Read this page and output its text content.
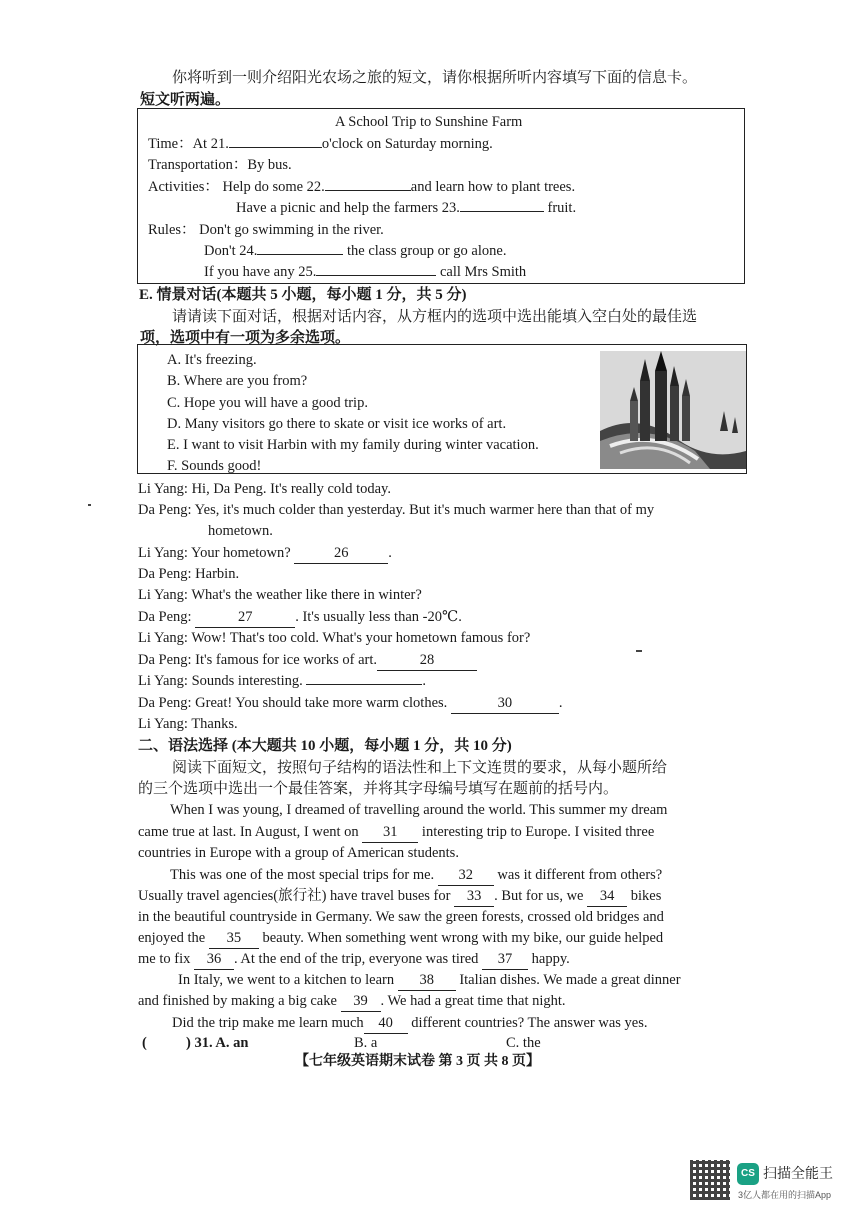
你将听到一则介绍阳光农场之旅的短文，请你根据所听内容填写下面的信息卡。
短文听两遍。
A School Trip to Sunshine Farm
Time：At 21.	o'clock on Saturday morning.
Transportation：By bus.
Activities： Help do some 22.	and learn how to plant trees.
Have a picnic and help the farmers 23.	fruit.
Rules： Don't go swimming in the river.
Don't 24.	the class group or go alone.
If you have any 25.	call Mrs Smith
E. 情景对话(本题共 5 小题，每小题 1 分，共 5 分)
请请读下面对话，根据对话内容，从方框内的选项中选出能填入空白处的最佳选
项，选项中有一项为多余选项。
A. It's freezing.
B. Where are you from?
C. Hope you will have a good trip.
D. Many visitors go there to skate or visit ice works of art.
E. I want to visit Harbin with my family during winter vacation.
F. Sounds good!
Li Yang: Hi, Da Peng. It's really cold today.
Da Peng: Yes, it's much colder than yesterday. But it's much warmer here than that of my
hometown.
Li Yang: Your hometown?	26	.
Da Peng: Harbin.
Li Yang: What's the weather like there in winter?
Da Peng:	27	. It's usually less than -20℃.
Li Yang: Wow! That's too cold. What's your hometown famous for?
Da Peng: It's famous for ice works of art.	28
Li Yang: Sounds interesting.	.
Da Peng: Great! You should take more warm clothes.	30	.
Li Yang: Thanks.
二、语法选择 (本大题共 10 小题，每小题 1 分，共 10 分)
阅读下面短文，按照句子结构的语法性和上下文连贯的要求，从每小题所给
的三个选项中选出一个最佳答案，并将其字母编号填写在题前的括号内。
When I was young, I dreamed of travelling around the world. This summer my dream
came true at last. In August, I went on 31 interesting trip to Europe. I visited three
countries in Europe with a group of American students.
This was one of the most special trips for me. 32 was it different from others?
Usually travel agencies(旅行社) have travel buses for 33 . But for us, we 34 bikes
in the beautiful countryside in Germany. We saw the green forests, crossed old bridges and
enjoyed the 35 beauty. When something went wrong with my bike, our guide helped
me to fix 36 . At the end of the trip, everyone was tired 37 happy.
In Italy, we went to a kitchen to learn 38 Italian dishes. We made a great dinner
and finished by making a big cake 39 . We had a great time that night.
Did the trip make me learn much 40 different countries? The answer was yes.
(	) 31. A. an	B. a	C. the
【七年级英语期末试卷 第 3 页 共 8 页】
CS 扫描全能王
3亿人都在用的扫描App
